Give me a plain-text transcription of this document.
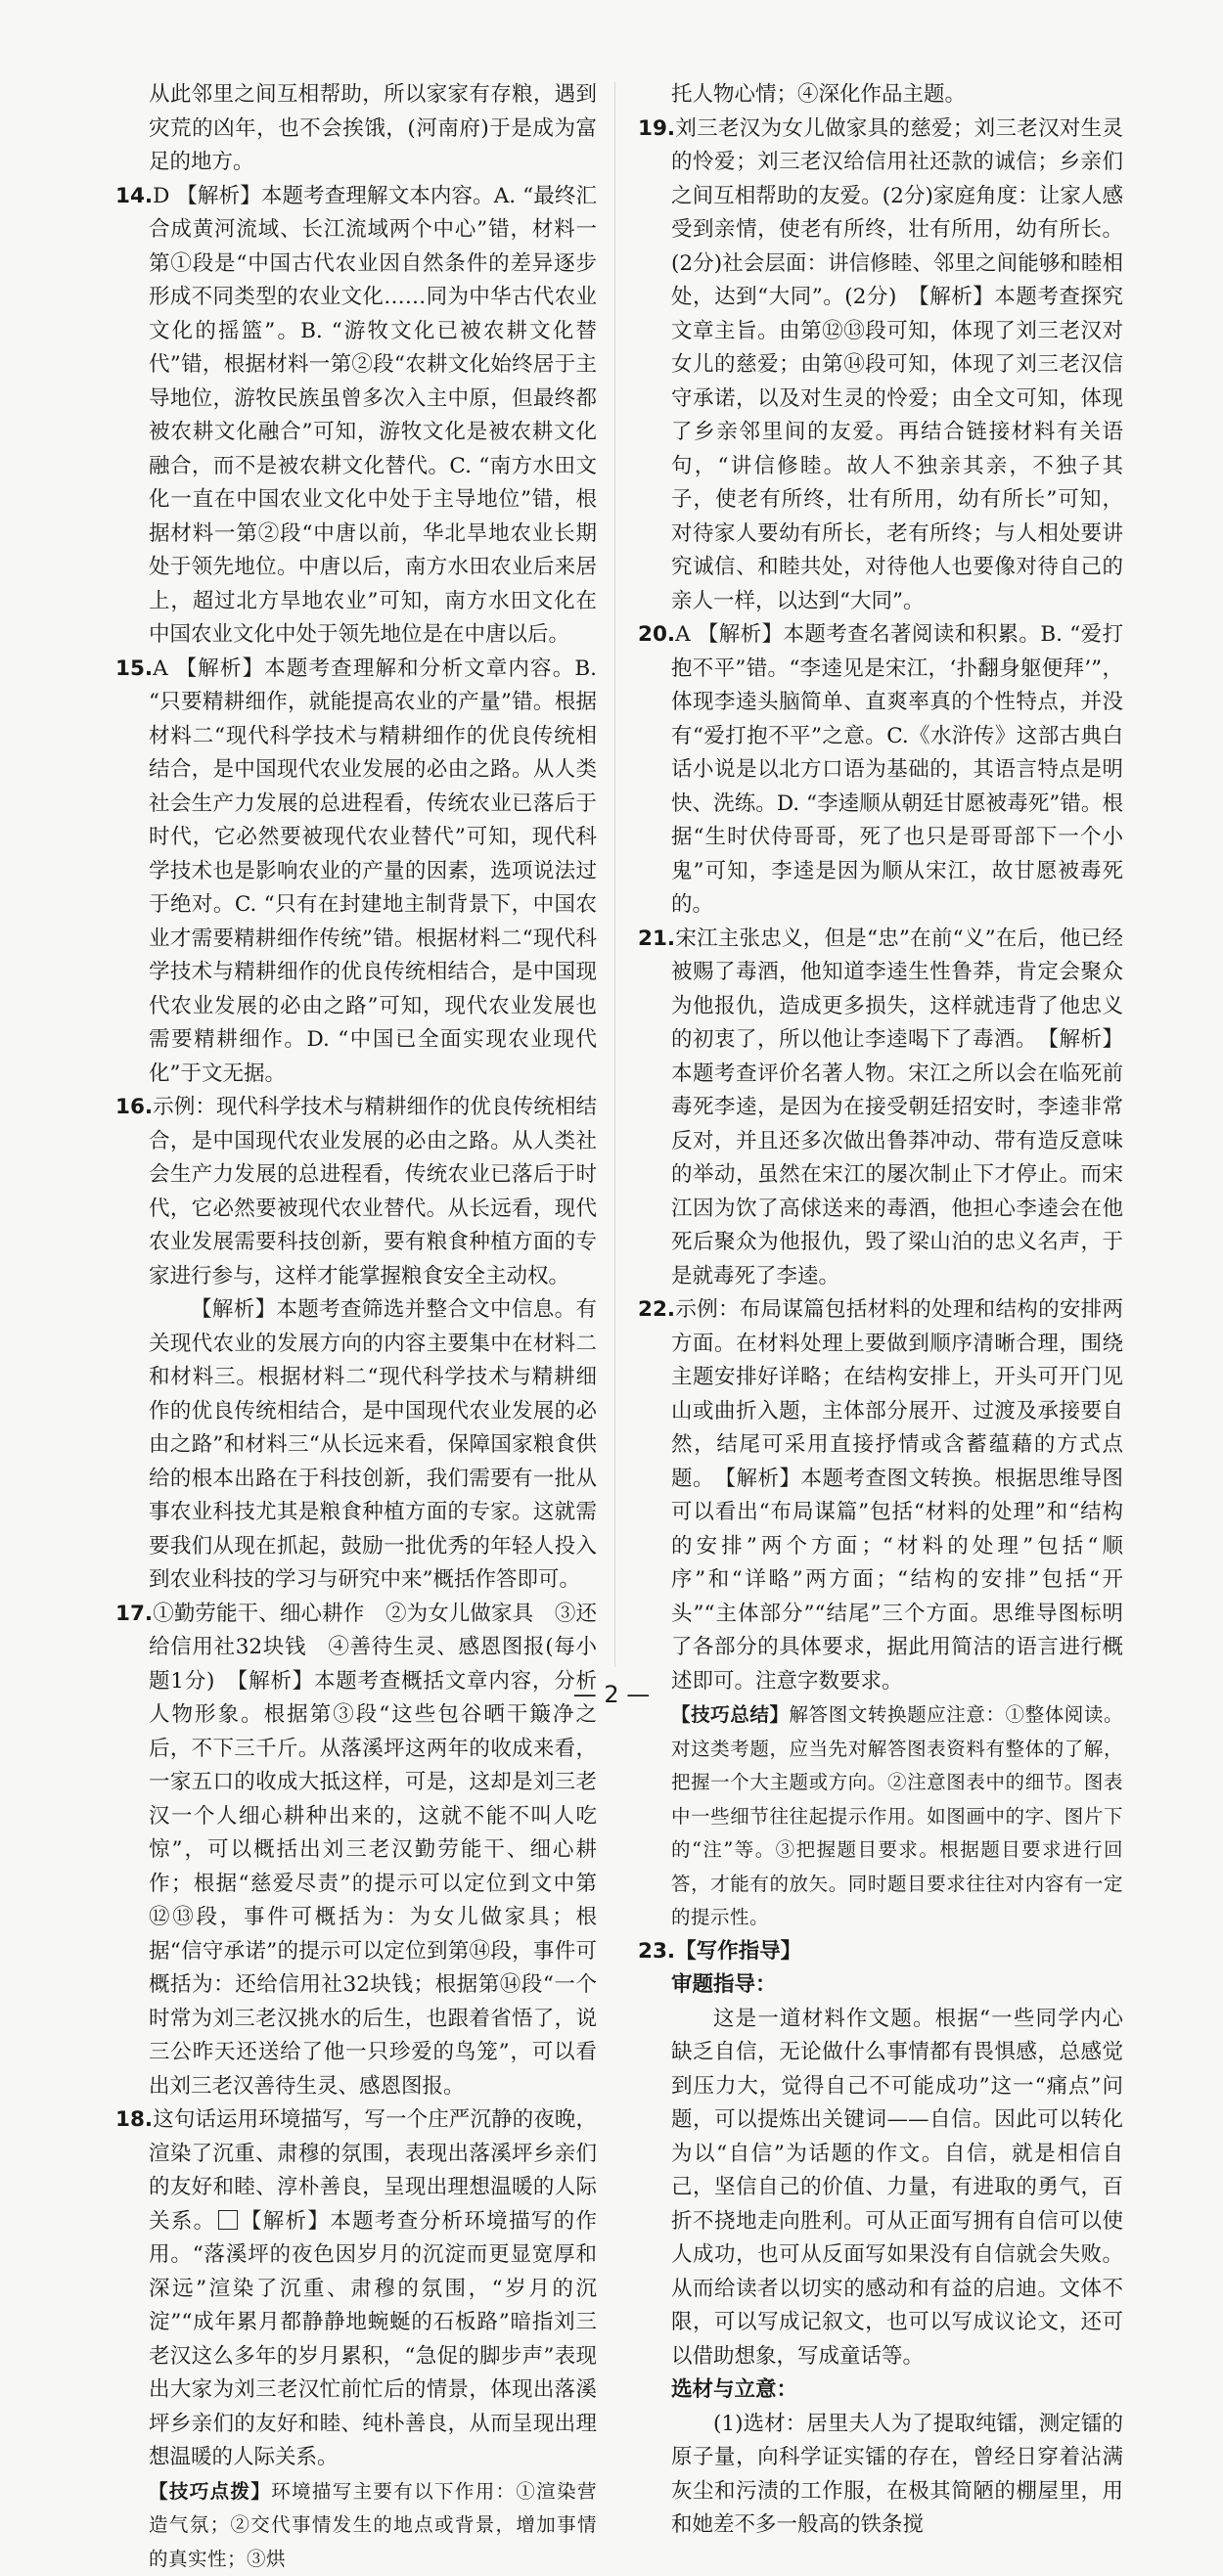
从此邻里之间互相帮助，所以家家有存粮，遇到灾荒的凶年，也不会挨饿，(河南府)于是成为富足的地方。

14.D 【解析】本题考查理解文本内容。A. “最终汇合成黄河流域、长江流域两个中心”错，材料一第①段是“中国古代农业因自然条件的差异逐步形成不同类型的农业文化……同为中华古代农业文化的摇篮”。B. “游牧文化已被农耕文化替代”错，根据材料一第②段“农耕文化始终居于主导地位，游牧民族虽曾多次入主中原，但最终都被农耕文化融合”可知，游牧文化是被农耕文化融合，而不是被农耕文化替代。C. “南方水田文化一直在中国农业文化中处于主导地位”错，根据材料一第②段“中唐以前，华北旱地农业长期处于领先地位。中唐以后，南方水田农业后来居上，超过北方旱地农业”可知，南方水田文化在中国农业文化中处于领先地位是在中唐以后。

15.A 【解析】本题考查理解和分析文章内容。B. “只要精耕细作，就能提高农业的产量”错。根据材料二“现代科学技术与精耕细作的优良传统相结合，是中国现代农业发展的必由之路。从人类社会生产力发展的总进程看，传统农业已落后于时代，它必然要被现代农业替代”可知，现代科学技术也是影响农业的产量的因素，选项说法过于绝对。C. “只有在封建地主制背景下，中国农业才需要精耕细作传统”错。根据材料二“现代科学技术与精耕细作的优良传统相结合，是中国现代农业发展的必由之路”可知，现代农业发展也需要精耕细作。D. “中国已全面实现农业现代化”于文无据。

16.示例：现代科学技术与精耕细作的优良传统相结合，是中国现代农业发展的必由之路。从人类社会生产力发展的总进程看，传统农业已落后于时代，它必然要被现代农业替代。从长远看，现代农业发展需要科技创新，要有粮食种植方面的专家进行参与，这样才能掌握粮食安全主动权。

【解析】本题考查筛选并整合文中信息。有关现代农业的发展方向的内容主要集中在材料二和材料三。根据材料二“现代科学技术与精耕细作的优良传统相结合，是中国现代农业发展的必由之路”和材料三“从长远来看，保障国家粮食供给的根本出路在于科技创新，我们需要有一批从事农业科技尤其是粮食种植方面的专家。这就需要我们从现在抓起，鼓励一批优秀的年轻人投入到农业科技的学习与研究中来”概括作答即可。

17.①勤劳能干、细心耕作　②为女儿做家具　③还给信用社32块钱　④善待生灵、感恩图报(每小题1分)　【解析】本题考查概括文章内容，分析人物形象。根据第③段“这些包谷晒干簸净之后，不下三千斤。从落溪坪这两年的收成来看，一家五口的收成大抵这样，可是，这却是刘三老汉一个人细心耕种出来的，这就不能不叫人吃惊”，可以概括出刘三老汉勤劳能干、细心耕作；根据“慈爱尽责”的提示可以定位到文中第⑫⑬段，事件可概括为：为女儿做家具；根据“信守承诺”的提示可以定位到第⑭段，事件可概括为：还给信用社32块钱；根据第⑭段“一个时常为刘三老汉挑水的后生，也跟着省悟了，说三公昨天还送给了他一只珍爱的鸟笼”，可以看出刘三老汉善待生灵、感恩图报。

18.这句话运用环境描写，写一个庄严沉静的夜晚，渲染了沉重、肃穆的氛围，表现出落溪坪乡亲们的友好和睦、淳朴善良，呈现出理想温暖的人际关系。 【解析】本题考查分析环境描写的作用。“落溪坪的夜色因岁月的沉淀而更显宽厚和深远”渲染了沉重、肃穆的氛围，“岁月的沉淀”“成年累月都静静地蜿蜒的石板路”暗指刘三老汉这么多年的岁月累积，“急促的脚步声”表现出大家为刘三老汉忙前忙后的情景，体现出落溪坪乡亲们的友好和睦、纯朴善良，从而呈现出理想温暖的人际关系。

【技巧点拨】环境描写主要有以下作用：①渲染营造气氛；②交代事情发生的地点或背景，增加事情的真实性；③烘

托人物心情；④深化作品主题。

19.刘三老汉为女儿做家具的慈爱；刘三老汉对生灵的怜爱；刘三老汉给信用社还款的诚信；乡亲们之间互相帮助的友爱。(2分)家庭角度：让家人感受到亲情，使老有所终，壮有所用，幼有所长。(2分)社会层面：讲信修睦、邻里之间能够和睦相处，达到“大同”。(2分)　【解析】本题考查探究文章主旨。由第⑫⑬段可知，体现了刘三老汉对女儿的慈爱；由第⑭段可知，体现了刘三老汉信守承诺，以及对生灵的怜爱；由全文可知，体现了乡亲邻里间的友爱。再结合链接材料有关语句，“讲信修睦。故人不独亲其亲，不独子其子，使老有所终，壮有所用，幼有所长”可知，对待家人要幼有所长，老有所终；与人相处要讲究诚信、和睦共处，对待他人也要像对待自己的亲人一样，以达到“大同”。

20.A 【解析】本题考查名著阅读和积累。B. “爱打抱不平”错。“李逵见是宋江，‘扑翻身躯便拜’”，体现李逵头脑简单、直爽率真的个性特点，并没有“爱打抱不平”之意。C.《水浒传》这部古典白话小说是以北方口语为基础的，其语言特点是明快、洗练。D. “李逵顺从朝廷甘愿被毒死”错。根据“生时伏侍哥哥，死了也只是哥哥部下一个小鬼”可知，李逵是因为顺从宋江，故甘愿被毒死的。

21.宋江主张忠义，但是“忠”在前“义”在后，他已经被赐了毒酒，他知道李逵生性鲁莽，肯定会聚众为他报仇，造成更多损失，这样就违背了他忠义的初衷了，所以他让李逵喝下了毒酒。　【解析】本题考查评价名著人物。宋江之所以会在临死前毒死李逵，是因为在接受朝廷招安时，李逵非常反对，并且还多次做出鲁莽冲动、带有造反意味的举动，虽然在宋江的屡次制止下才停止。而宋江因为饮了高俅送来的毒酒，他担心李逵会在他死后聚众为他报仇，毁了梁山泊的忠义名声，于是就毒死了李逵。

22.示例：布局谋篇包括材料的处理和结构的安排两方面。在材料处理上要做到顺序清晰合理，围绕主题安排好详略；在结构安排上，开头可开门见山或曲折入题，主体部分展开、过渡及承接要自然，结尾可采用直接抒情或含蓄蕴藉的方式点题。　【解析】本题考查图文转换。根据思维导图可以看出“布局谋篇”包括“材料的处理”和“结构的安排”两个方面；“材料的处理”包括“顺序”和“详略”两方面；“结构的安排”包括“开头”“主体部分”“结尾”三个方面。思维导图标明了各部分的具体要求，据此用简洁的语言进行概述即可。注意字数要求。

【技巧总结】解答图文转换题应注意：①整体阅读。对这类考题，应当先对解答图表资料有整体的了解，把握一个大主题或方向。②注意图表中的细节。图表中一些细节往往起提示作用。如图画中的字、图片下的“注”等。③把握题目要求。根据题目要求进行回答，才能有的放矢。同时题目要求往往对内容有一定的提示性。

23.【写作指导】

审题指导：

这是一道材料作文题。根据“一些同学内心缺乏自信，无论做什么事情都有畏惧感，总感觉到压力大，觉得自己不可能成功”这一“痛点”问题，可以提炼出关键词——自信。因此可以转化为以“自信”为话题的作文。自信，就是相信自己，坚信自己的价值、力量，有进取的勇气，百折不挠地走向胜利。可从正面写拥有自信可以使人成功，也可从反面写如果没有自信就会失败。从而给读者以切实的感动和有益的启迪。文体不限，可以写成记叙文，也可以写成议论文，还可以借助想象，写成童话等。

选材与立意：

(1)选材：居里夫人为了提取纯镭，测定镭的原子量，向科学证实镭的存在，曾经日穿着沾满灰尘和污渍的工作服，在极其简陋的棚屋里，用和她差不多一般高的铁条搅

— 2 —
